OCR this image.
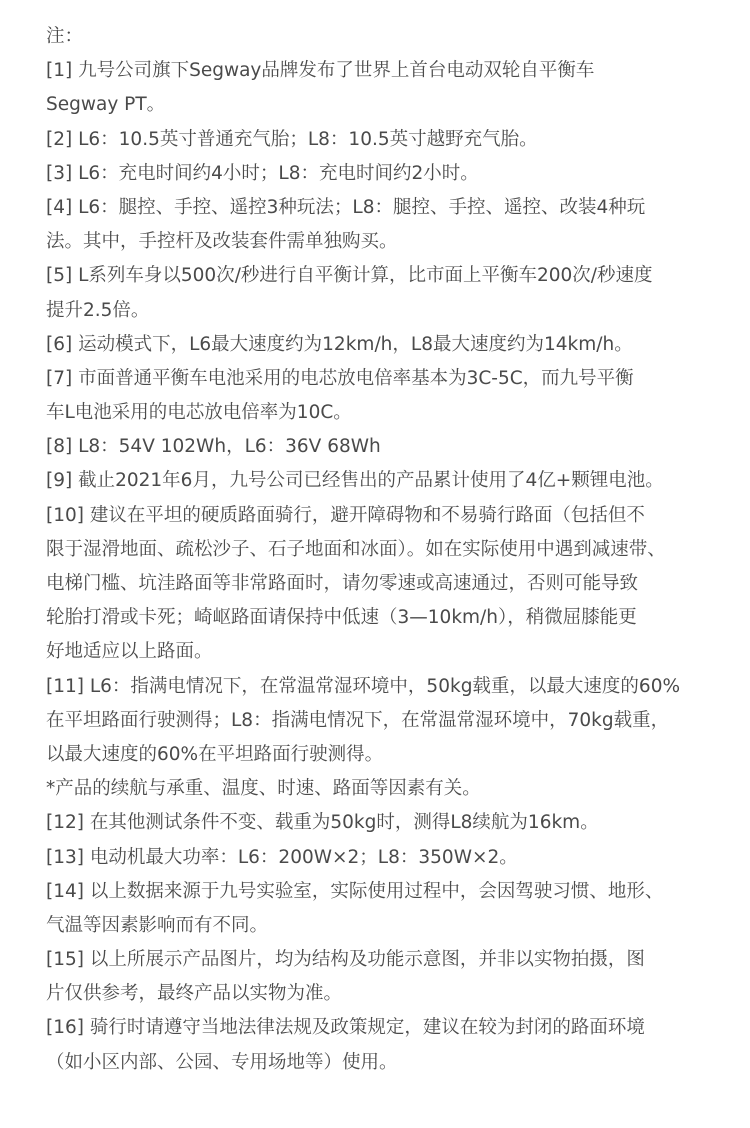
注：
[1] 九号公司旗下Segway品牌发布了世界上首台电动双轮自平衡车
Segway PT。
[2] L6：10.5英寸普通充气胎；L8：10.5英寸越野充气胎。
[3] L6：充电时间约4小时；L8：充电时间约2小时。
[4] L6：腿控、手控、遥控3种玩法；L8：腿控、手控、遥控、改装4种玩
法。其中，手控杆及改装套件需单独购买。
[5] L系列车身以500次/秒进行自平衡计算，比市面上平衡车200次/秒速度
提升2.5倍。
[6] 运动模式下，L6最大速度约为12km/h，L8最大速度约为14km/h。
[7] 市面普通平衡车电池采用的电芯放电倍率基本为3C-5C，而九号平衡
车L电池采用的电芯放电倍率为10C。
[8] L8：54V 102Wh，L6：36V 68Wh
[9] 截止2021年6月，九号公司已经售出的产品累计使用了4亿+颗锂电池。
[10] 建议在平坦的硬质路面骑行，避开障碍物和不易骑行路面（包括但不
限于湿滑地面、疏松沙子、石子地面和冰面）。如在实际使用中遇到减速带、
电梯门槛、坑洼路面等非常路面时，请勿零速或高速通过，否则可能导致
轮胎打滑或卡死；崎岖路面请保持中低速（3—10km/h），稍微屈膝能更
好地适应以上路面。
[11] L6：指满电情况下，在常温常湿环境中，50kg载重，以最大速度的60%
在平坦路面行驶测得；L8：指满电情况下，在常温常湿环境中，70kg载重，
以最大速度的60%在平坦路面行驶测得。
*产品的续航与承重、温度、时速、路面等因素有关。
[12] 在其他测试条件不变、载重为50kg时，测得L8续航为16km。
[13] 电动机最大功率：L6：200W×2；L8：350W×2。
[14] 以上数据来源于九号实验室，实际使用过程中，会因驾驶习惯、地形、
气温等因素影响而有不同。
[15] 以上所展示产品图片，均为结构及功能示意图，并非以实物拍摄，图
片仅供参考，最终产品以实物为准。
[16] 骑行时请遵守当地法律法规及政策规定，建议在较为封闭的路面环境
（如小区内部、公园、专用场地等）使用。
